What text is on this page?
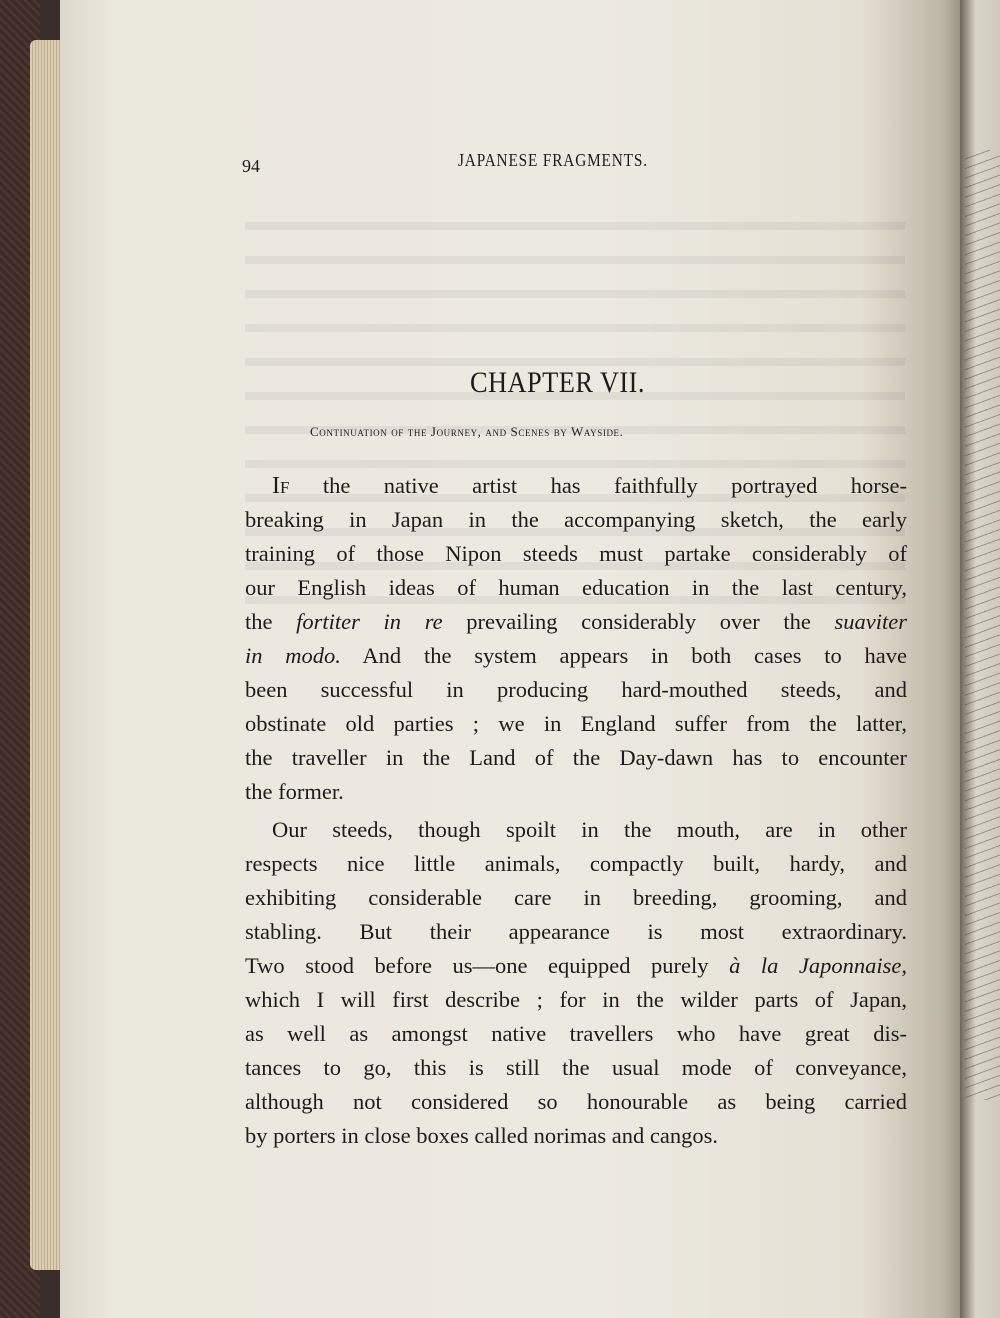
94	JAPANESE FRAGMENTS.
CHAPTER VII.
Continuation of the Journey, and Scenes by Wayside.
If the native artist has faithfully portrayed horse-
breaking in Japan in the accompanying sketch, the early
training of those Nipon steeds must partake considerably of
our English ideas of human education in the last century,
the fortiter in re prevailing considerably over the suaviter
in modo. And the system appears in both cases to have
been successful in producing hard-mouthed steeds, and
obstinate old parties ; we in England suffer from the latter,
the traveller in the Land of the Day-dawn has to encounter
the former.
Our steeds, though spoilt in the mouth, are in other
respects nice little animals, compactly built, hardy, and
exhibiting considerable care in breeding, grooming, and
stabling. But their appearance is most extraordinary.
Two stood before us—one equipped purely à la Japonnaise,
which I will first describe ; for in the wilder parts of Japan,
as well as amongst native travellers who have great dis-
tances to go, this is still the usual mode of conveyance,
although not considered so honourable as being carried
by porters in close boxes called norimas and cangos.
